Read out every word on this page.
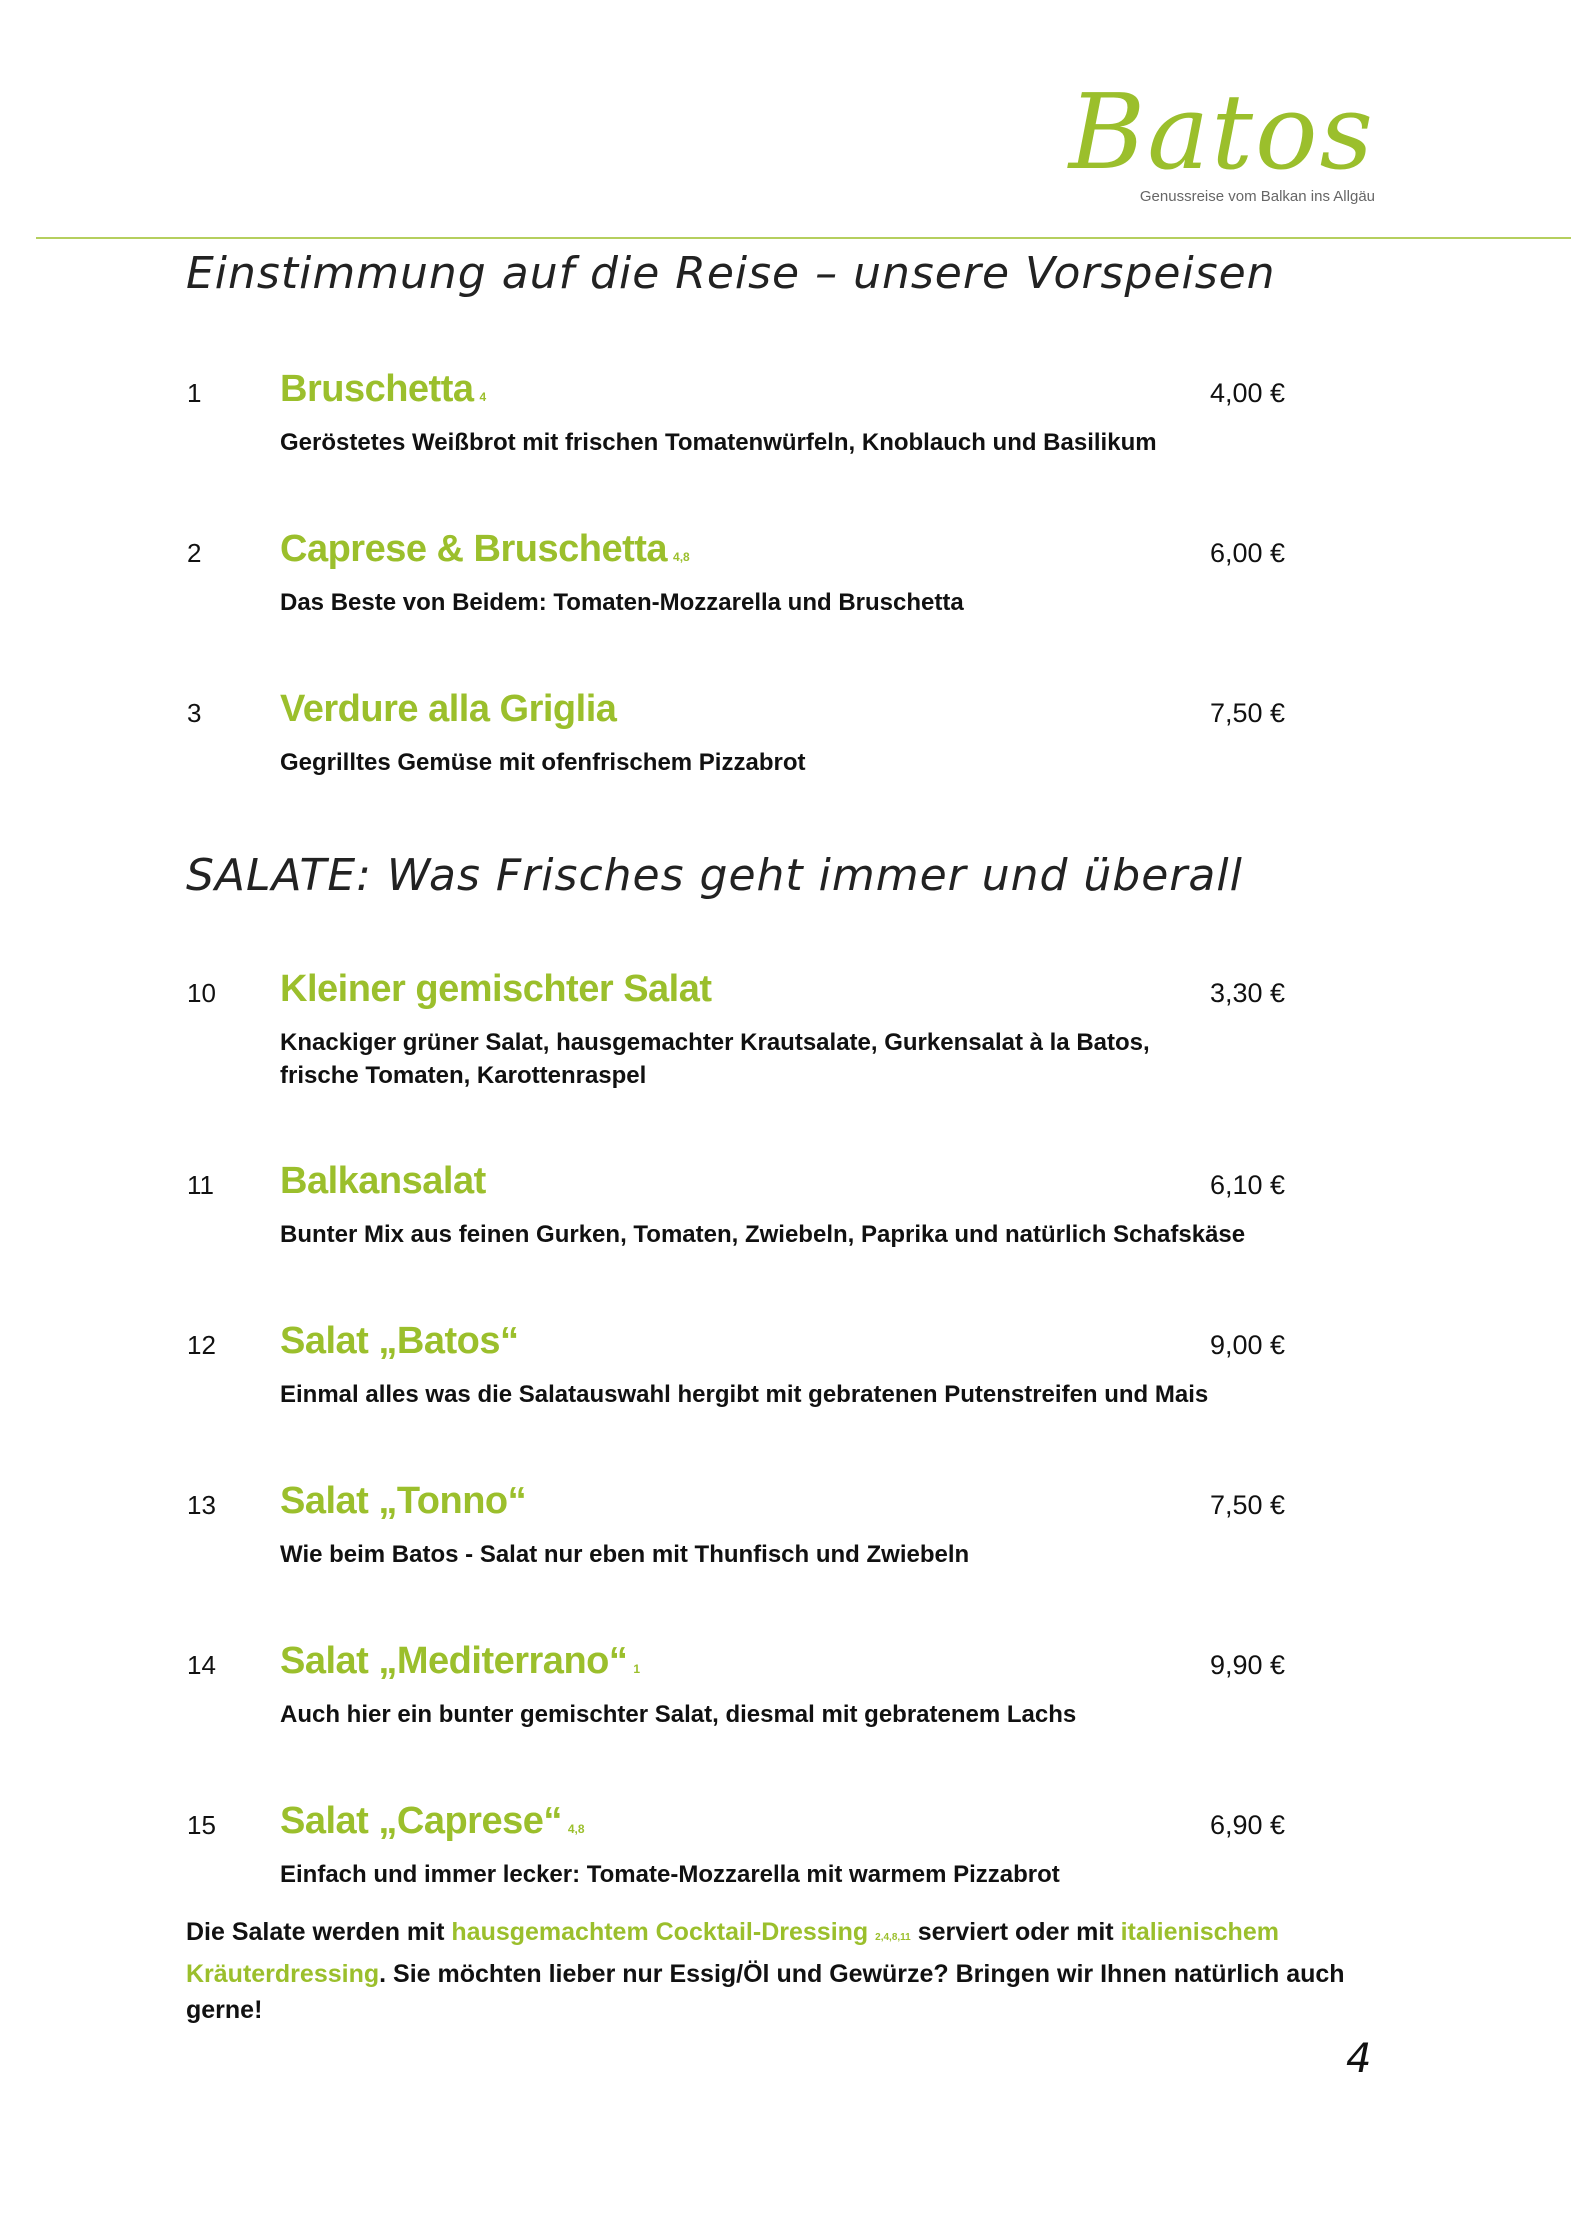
Batos
Genussreise vom Balkan ins Allgäu
Einstimmung auf die Reise – unsere Vorspeisen
1 Bruschetta 4	4,00 €
Geröstetes Weißbrot mit frischen Tomatenwürfeln, Knoblauch und Basilikum
2 Caprese & Bruschetta 4,8	6,00 €
Das Beste von Beidem: Tomaten-Mozzarella und Bruschetta
3 Verdure alla Griglia	7,50 €
Gegrilltes Gemüse mit ofenfrischem Pizzabrot
SALATE: Was Frisches geht immer und überall
10 Kleiner gemischter Salat	3,30 €
Knackiger grüner Salat, hausgemachter Krautsalate, Gurkensalat à la Batos, frische Tomaten, Karottenraspel
11 Balkansalat	6,10 €
Bunter Mix aus feinen Gurken, Tomaten, Zwiebeln, Paprika und natürlich Schafskäse
12 Salat „Batos“	9,00 €
Einmal alles was die Salatauswahl hergibt mit gebratenen Putenstreifen und Mais
13 Salat „Tonno“	7,50 €
Wie beim Batos - Salat nur eben mit Thunfisch und Zwiebeln
14 Salat „Mediterrano“ 1	9,90 €
Auch hier ein bunter gemischter Salat, diesmal mit gebratenem Lachs
15 Salat „Caprese“ 4,8	6,90 €
Einfach und immer lecker: Tomate-Mozzarella mit warmem Pizzabrot
Die Salate werden mit hausgemachtem Cocktail-Dressing 2,4,8,11 serviert oder mit italienischem Kräuterdressing. Sie möchten lieber nur Essig/Öl und Gewürze? Bringen wir Ihnen natürlich auch gerne!
4
